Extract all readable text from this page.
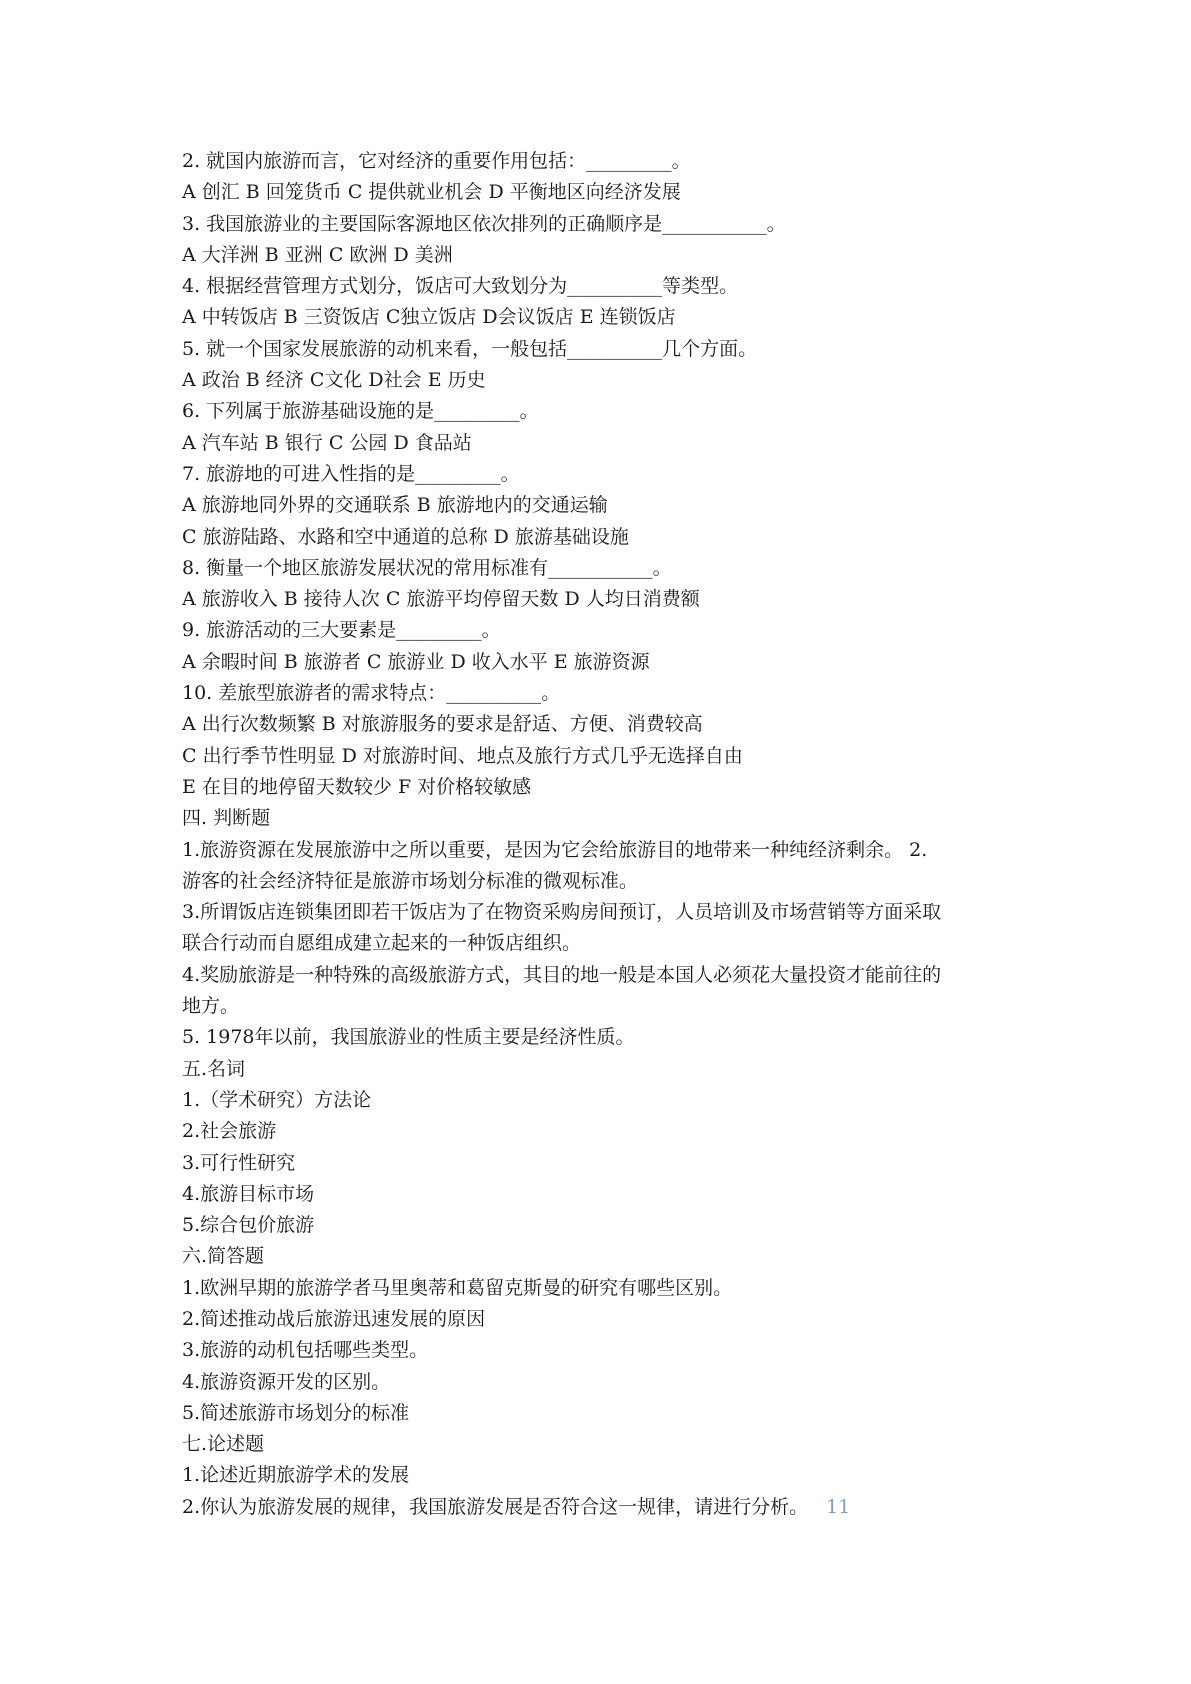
2. 就国内旅游而言，它对经济的重要作用包括：_________。
A 创汇 B 回笼货币 C 提供就业机会 D 平衡地区向经济发展
3. 我国旅游业的主要国际客源地区依次排列的正确顺序是___________。
A 大洋洲 B 亚洲 C 欧洲 D 美洲
4. 根据经营管理方式划分，饭店可大致划分为__________等类型。
A 中转饭店 B 三资饭店 C独立饭店 D会议饭店 E 连锁饭店
5. 就一个国家发展旅游的动机来看，一般包括__________几个方面。
A 政治 B 经济 C文化 D社会 E 历史
6. 下列属于旅游基础设施的是_________。
A 汽车站 B 银行 C 公园 D 食品站
7. 旅游地的可进入性指的是_________。
A 旅游地同外界的交通联系 B 旅游地内的交通运输
C 旅游陆路、水路和空中通道的总称 D 旅游基础设施
8. 衡量一个地区旅游发展状况的常用标准有___________。
A 旅游收入 B 接待人次 C 旅游平均停留天数 D 人均日消费额
9. 旅游活动的三大要素是_________。
A 余暇时间 B 旅游者 C 旅游业 D 收入水平 E 旅游资源
10. 差旅型旅游者的需求特点：__________。
A 出行次数频繁 B 对旅游服务的要求是舒适、方便、消费较高
C 出行季节性明显 D 对旅游时间、地点及旅行方式几乎无选择自由
E 在目的地停留天数较少 F 对价格较敏感
四. 判断题
1.旅游资源在发展旅游中之所以重要，是因为它会给旅游目的地带来一种纯经济剩余。 2.
游客的社会经济特征是旅游市场划分标准的微观标准。
3.所谓饭店连锁集团即若干饭店为了在物资采购房间预订，人员培训及市场营销等方面采取
联合行动而自愿组成建立起来的一种饭店组织。
4.奖励旅游是一种特殊的高级旅游方式，其目的地一般是本国人必须花大量投资才能前往的
地方。
5. 1978年以前，我国旅游业的性质主要是经济性质。
五.名词
1.（学术研究）方法论
2.社会旅游
3.可行性研究
4.旅游目标市场
5.综合包价旅游
六.简答题
1.欧洲早期的旅游学者马里奥蒂和葛留克斯曼的研究有哪些区别。
2.简述推动战后旅游迅速发展的原因
3.旅游的动机包括哪些类型。
4.旅游资源开发的区别。
5.简述旅游市场划分的标准
七.论述题
1.论述近期旅游学术的发展
2.你认为旅游发展的规律，我国旅游发展是否符合这一规律，请进行分析。 11
